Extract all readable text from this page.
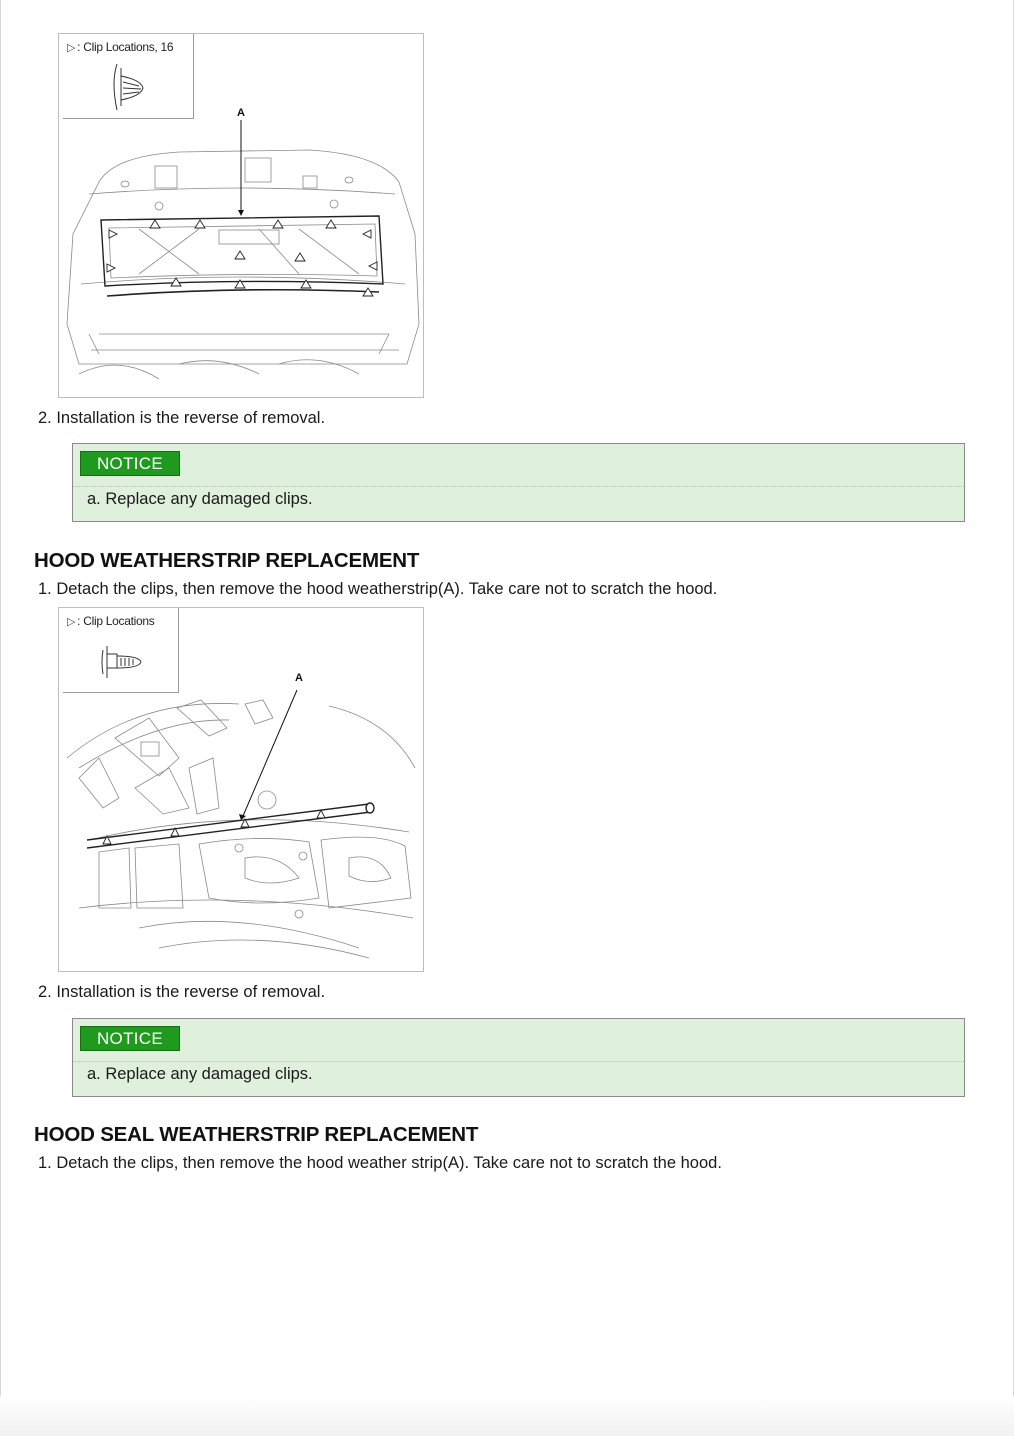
▷ : Clip Locations, 16
A
2. Installation is the reverse of removal.
NOTICE
a. Replace any damaged clips.
HOOD WEATHERSTRIP REPLACEMENT
1. Detach the clips, then remove the hood weatherstrip(A). Take care not to scratch the hood.
▷ : Clip Locations
A
2. Installation is the reverse of removal.
NOTICE
a. Replace any damaged clips.
HOOD SEAL WEATHERSTRIP REPLACEMENT
1. Detach the clips, then remove the hood weather strip(A). Take care not to scratch the hood.
